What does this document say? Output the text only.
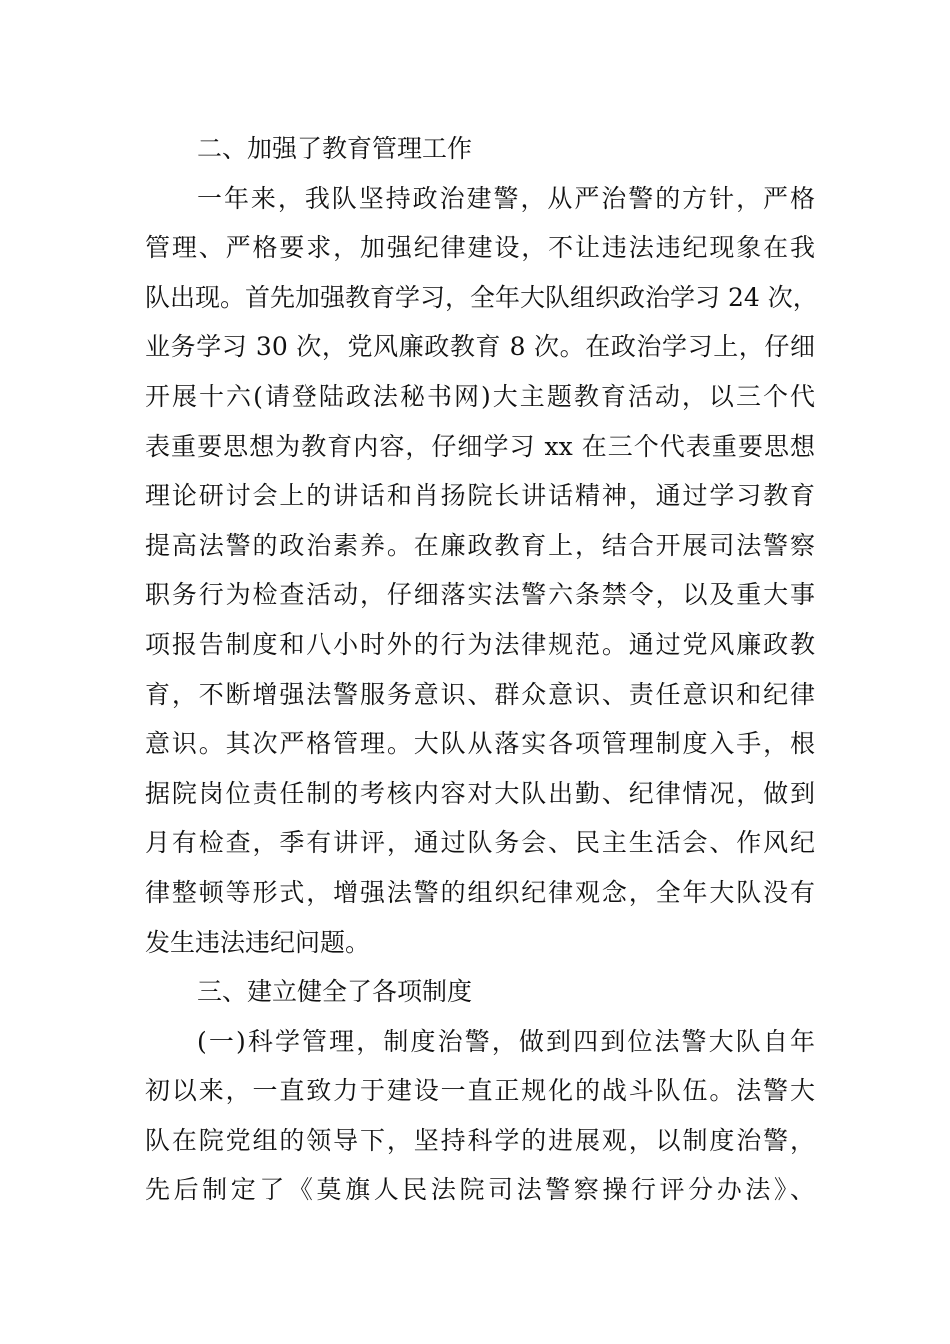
二、加强了教育管理工作
一年来，我队坚持政治建警，从严治警的方针，严格
管理、严格要求，加强纪律建设，不让违法违纪现象在我
队出现。首先加强教育学习，全年大队组织政治学习 24 次，
业务学习 30 次，党风廉政教育 8 次。在政治学习上，仔细
开展十六(请登陆政法秘书网)大主题教育活动，以三个代
表重要思想为教育内容，仔细学习 xx 在三个代表重要思想
理论研讨会上的讲话和肖扬院长讲话精神，通过学习教育
提高法警的政治素养。在廉政教育上，结合开展司法警察
职务行为检查活动，仔细落实法警六条禁令，以及重大事
项报告制度和八小时外的行为法律规范。通过党风廉政教
育，不断增强法警服务意识、群众意识、责任意识和纪律
意识。其次严格管理。大队从落实各项管理制度入手，根
据院岗位责任制的考核内容对大队出勤、纪律情况，做到
月有检查，季有讲评，通过队务会、民主生活会、作风纪
律整顿等形式，增强法警的组织纪律观念，全年大队没有
发生违法违纪问题。
三、建立健全了各项制度
(一)科学管理，制度治警，做到四到位法警大队自年
初以来，一直致力于建设一直正规化的战斗队伍。法警大
队在院党组的领导下，坚持科学的进展观，以制度治警，
先后制定了《莫旗人民法院司法警察操行评分办法》、
